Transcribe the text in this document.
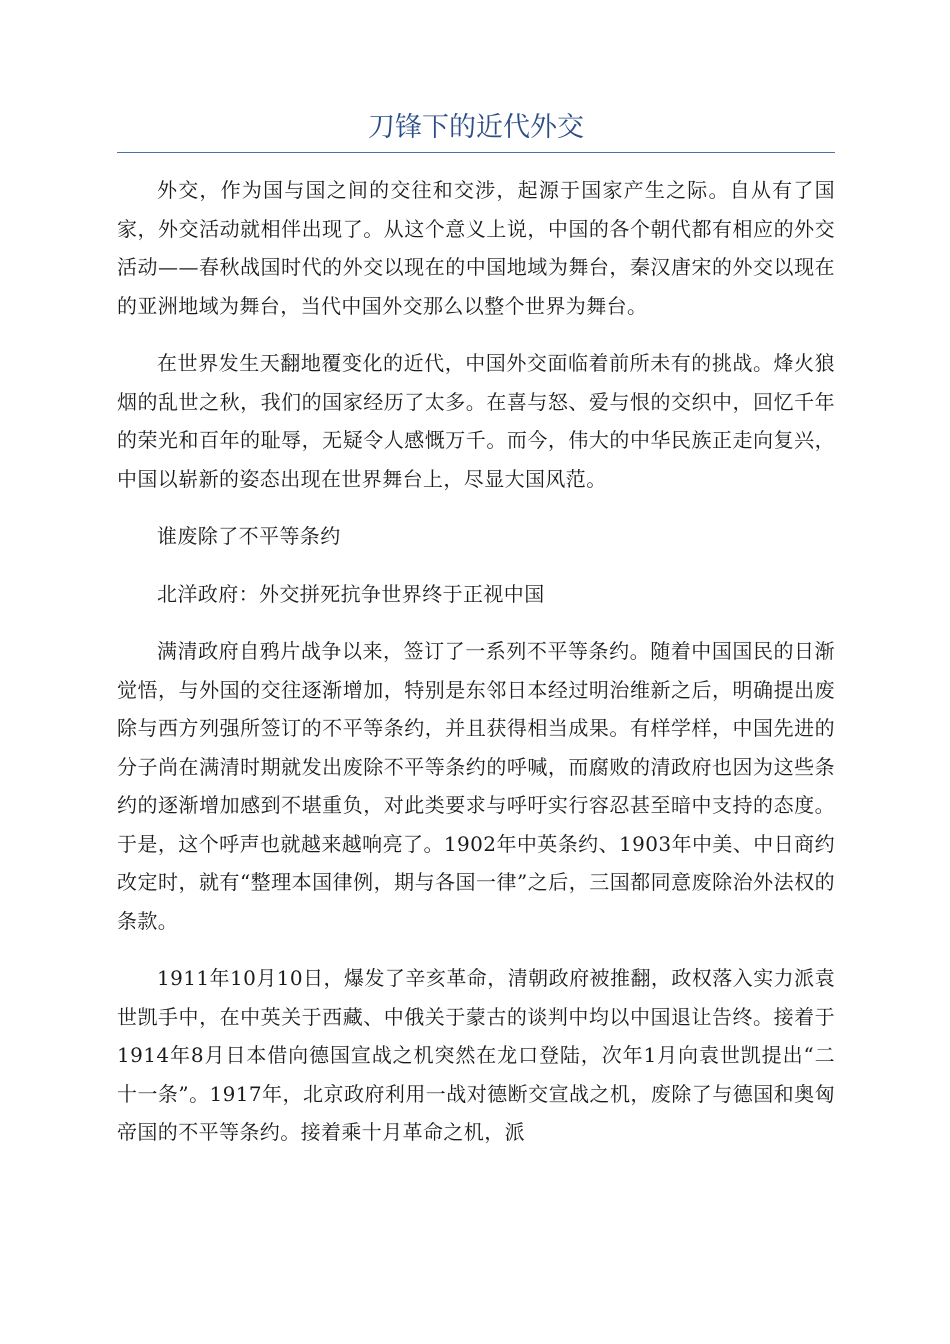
刀锋下的近代外交

外交，作为国与国之间的交往和交涉，起源于国家产生之际。自从有了国家，外交活动就相伴出现了。从这个意义上说，中国的各个朝代都有相应的外交活动——春秋战国时代的外交以现在的中国地域为舞台，秦汉唐宋的外交以现在的亚洲地域为舞台，当代中国外交那么以整个世界为舞台。

在世界发生天翻地覆变化的近代，中国外交面临着前所未有的挑战。烽火狼烟的乱世之秋，我们的国家经历了太多。在喜与怒、爱与恨的交织中，回忆千年的荣光和百年的耻辱，无疑令人感慨万千。而今，伟大的中华民族正走向复兴，中国以崭新的姿态出现在世界舞台上，尽显大国风范。

谁废除了不平等条约

北洋政府：外交拼死抗争世界终于正视中国

满清政府自鸦片战争以来，签订了一系列不平等条约。随着中国国民的日渐觉悟，与外国的交往逐渐增加，特别是东邻日本经过明治维新之后，明确提出废除与西方列强所签订的不平等条约，并且获得相当成果。有样学样，中国先进的分子尚在满清时期就发出废除不平等条约的呼喊，而腐败的清政府也因为这些条约的逐渐增加感到不堪重负，对此类要求与呼吁实行容忍甚至暗中支持的态度。于是，这个呼声也就越来越响亮了。1902年中英条约、1903年中美、中日商约改定时，就有“整理本国律例，期与各国一律”之后，三国都同意废除治外法权的条款。

1911年10月10日，爆发了辛亥革命，清朝政府被推翻，政权落入实力派袁世凯手中，在中英关于西藏、中俄关于蒙古的谈判中均以中国退让告终。接着于1914年8月日本借向德国宣战之机突然在龙口登陆，次年1月向袁世凯提出“二十一条”。1917年，北京政府利用一战对德断交宣战之机，废除了与德国和奥匈帝国的不平等条约。接着乘十月革命之机，派
